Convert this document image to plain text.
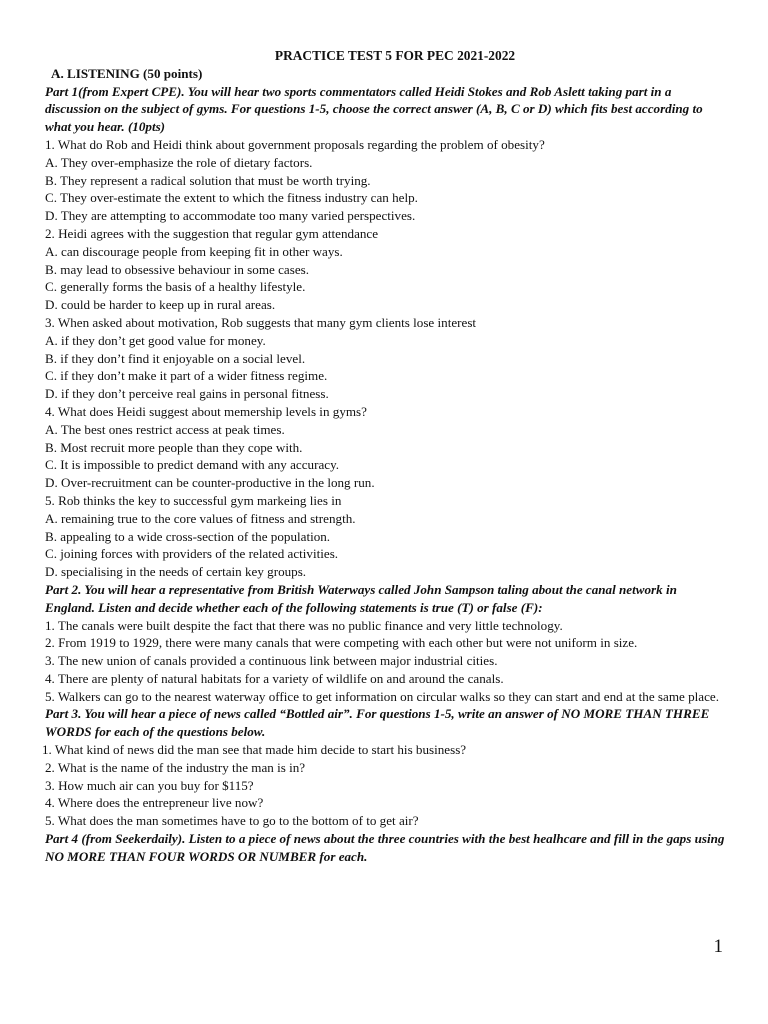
PRACTICE TEST 5 FOR PEC 2021-2022
A. LISTENING (50 points)
Part 1(from Expert CPE). You will hear two sports commentators called Heidi Stokes and Rob Aslett taking part in a discussion on the subject of gyms. For questions 1-5, choose the correct answer (A, B, C or D) which fits best according to what you hear. (10pts)
1. What do Rob and Heidi think about government proposals regarding the problem of obesity?
A. They over-emphasize the role of dietary factors.
B. They represent a radical solution that must be worth trying.
C. They over-estimate the extent to which the fitness industry can help.
D. They are attempting to accommodate too many varied perspectives.
2. Heidi agrees with the suggestion that regular gym attendance
A. can discourage people from keeping fit in other ways.
B. may lead to obsessive behaviour in some cases.
C. generally forms the basis of a healthy lifestyle.
D. could be harder to keep up in rural areas.
3. When asked about motivation, Rob suggests that many gym clients lose interest
A. if they don’t get good value for money.
B. if they don’t find it enjoyable on a social level.
C. if they don’t make it part of a wider fitness regime.
D. if they don’t perceive real gains in personal fitness.
4. What does Heidi suggest about memership levels in gyms?
A. The best ones restrict access at peak times.
B. Most recruit more people than they cope with.
C. It is impossible to predict demand with any accuracy.
D. Over-recruitment can be counter-productive in the long run.
5. Rob thinks the key to successful gym markeing lies in
A. remaining true to the core values of fitness and strength.
B. appealing to a wide cross-section of the population.
C. joining forces with providers of the related activities.
D. specialising in the needs of certain key groups.
Part 2. You will hear a representative from British Waterways called John Sampson taling about the canal network in England. Listen and decide whether each of the following statements is true (T) or false (F):
1. The canals were built despite the fact that there was no public finance and very little technology.
2. From 1919 to 1929, there were many canals that were competing with each other but were not uniform in size.
3. The new union of canals provided a continuous link between major industrial cities.
4. There are plenty of natural habitats for a variety of wildlife on and around the canals.
5. Walkers can go to the nearest waterway office to get information on circular walks so they can start and end at the same place.
Part 3. You will hear a piece of news called “Bottled air”. For questions 1-5, write an answer of NO MORE THAN THREE WORDS for each of the questions below.
1. What kind of news did the man see that made him decide to start his business?
2. What is the name of the industry the man is in?
3. How much air can you buy for $115?
4. Where does the entrepreneur live now?
5. What does the man sometimes have to go to the bottom of to get air?
Part 4 (from Seekerdaily). Listen to a piece of news about the three countries with the best healhcare and fill in the gaps using NO MORE THAN FOUR WORDS OR NUMBER for each.
1
